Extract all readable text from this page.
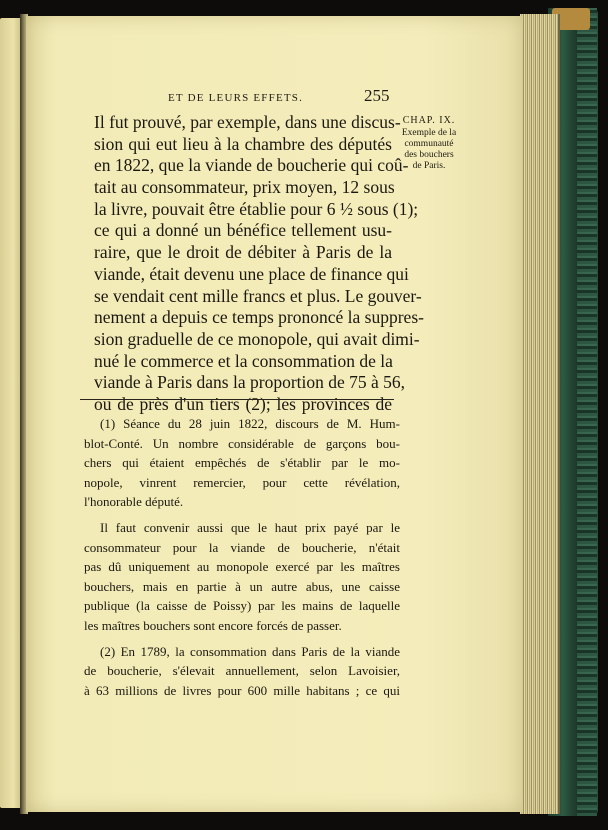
ET DE LEURS EFFETS.	255
CHAP. IX.
Exemple de la
communauté
des bouchers
de Paris.
Il fut prouvé, par exemple, dans une discus-
sion qui eut lieu à la chambre des députés
en 1822, que la viande de boucherie qui coû-
tait au consommateur, prix moyen, 12 sous
la livre, pouvait être établie pour 6 ½ sous (1);
ce qui a donné un bénéfice tellement usu-
raire, que le droit de débiter à Paris de la
viande, était devenu une place de finance qui
se vendait cent mille francs et plus. Le gouver-
nement a depuis ce temps prononcé la suppres-
sion graduelle de ce monopole, qui avait dimi-
nué le commerce et la consommation de la
viande à Paris dans la proportion de 75 à 56,
ou de près d'un tiers (2); les provinces de
(1) Séance du 28 juin 1822, discours de M. Hum-
blot-Conté. Un nombre considérable de garçons bou-
chers qui étaient empêchés de s'établir par le mo-
nopole, vinrent remercier, pour cette révélation,
l'honorable député.
Il faut convenir aussi que le haut prix payé par le
consommateur pour la viande de boucherie, n'était
pas dû uniquement au monopole exercé par les maîtres
bouchers, mais en partie à un autre abus, une caisse
publique (la caisse de Poissy) par les mains de laquelle
les maîtres bouchers sont encore forcés de passer.
(2) En 1789, la consommation dans Paris de la viande
de boucherie, s'élevait annuellement, selon Lavoisier,
à 63 millions de livres pour 600 mille habitans ; ce qui
